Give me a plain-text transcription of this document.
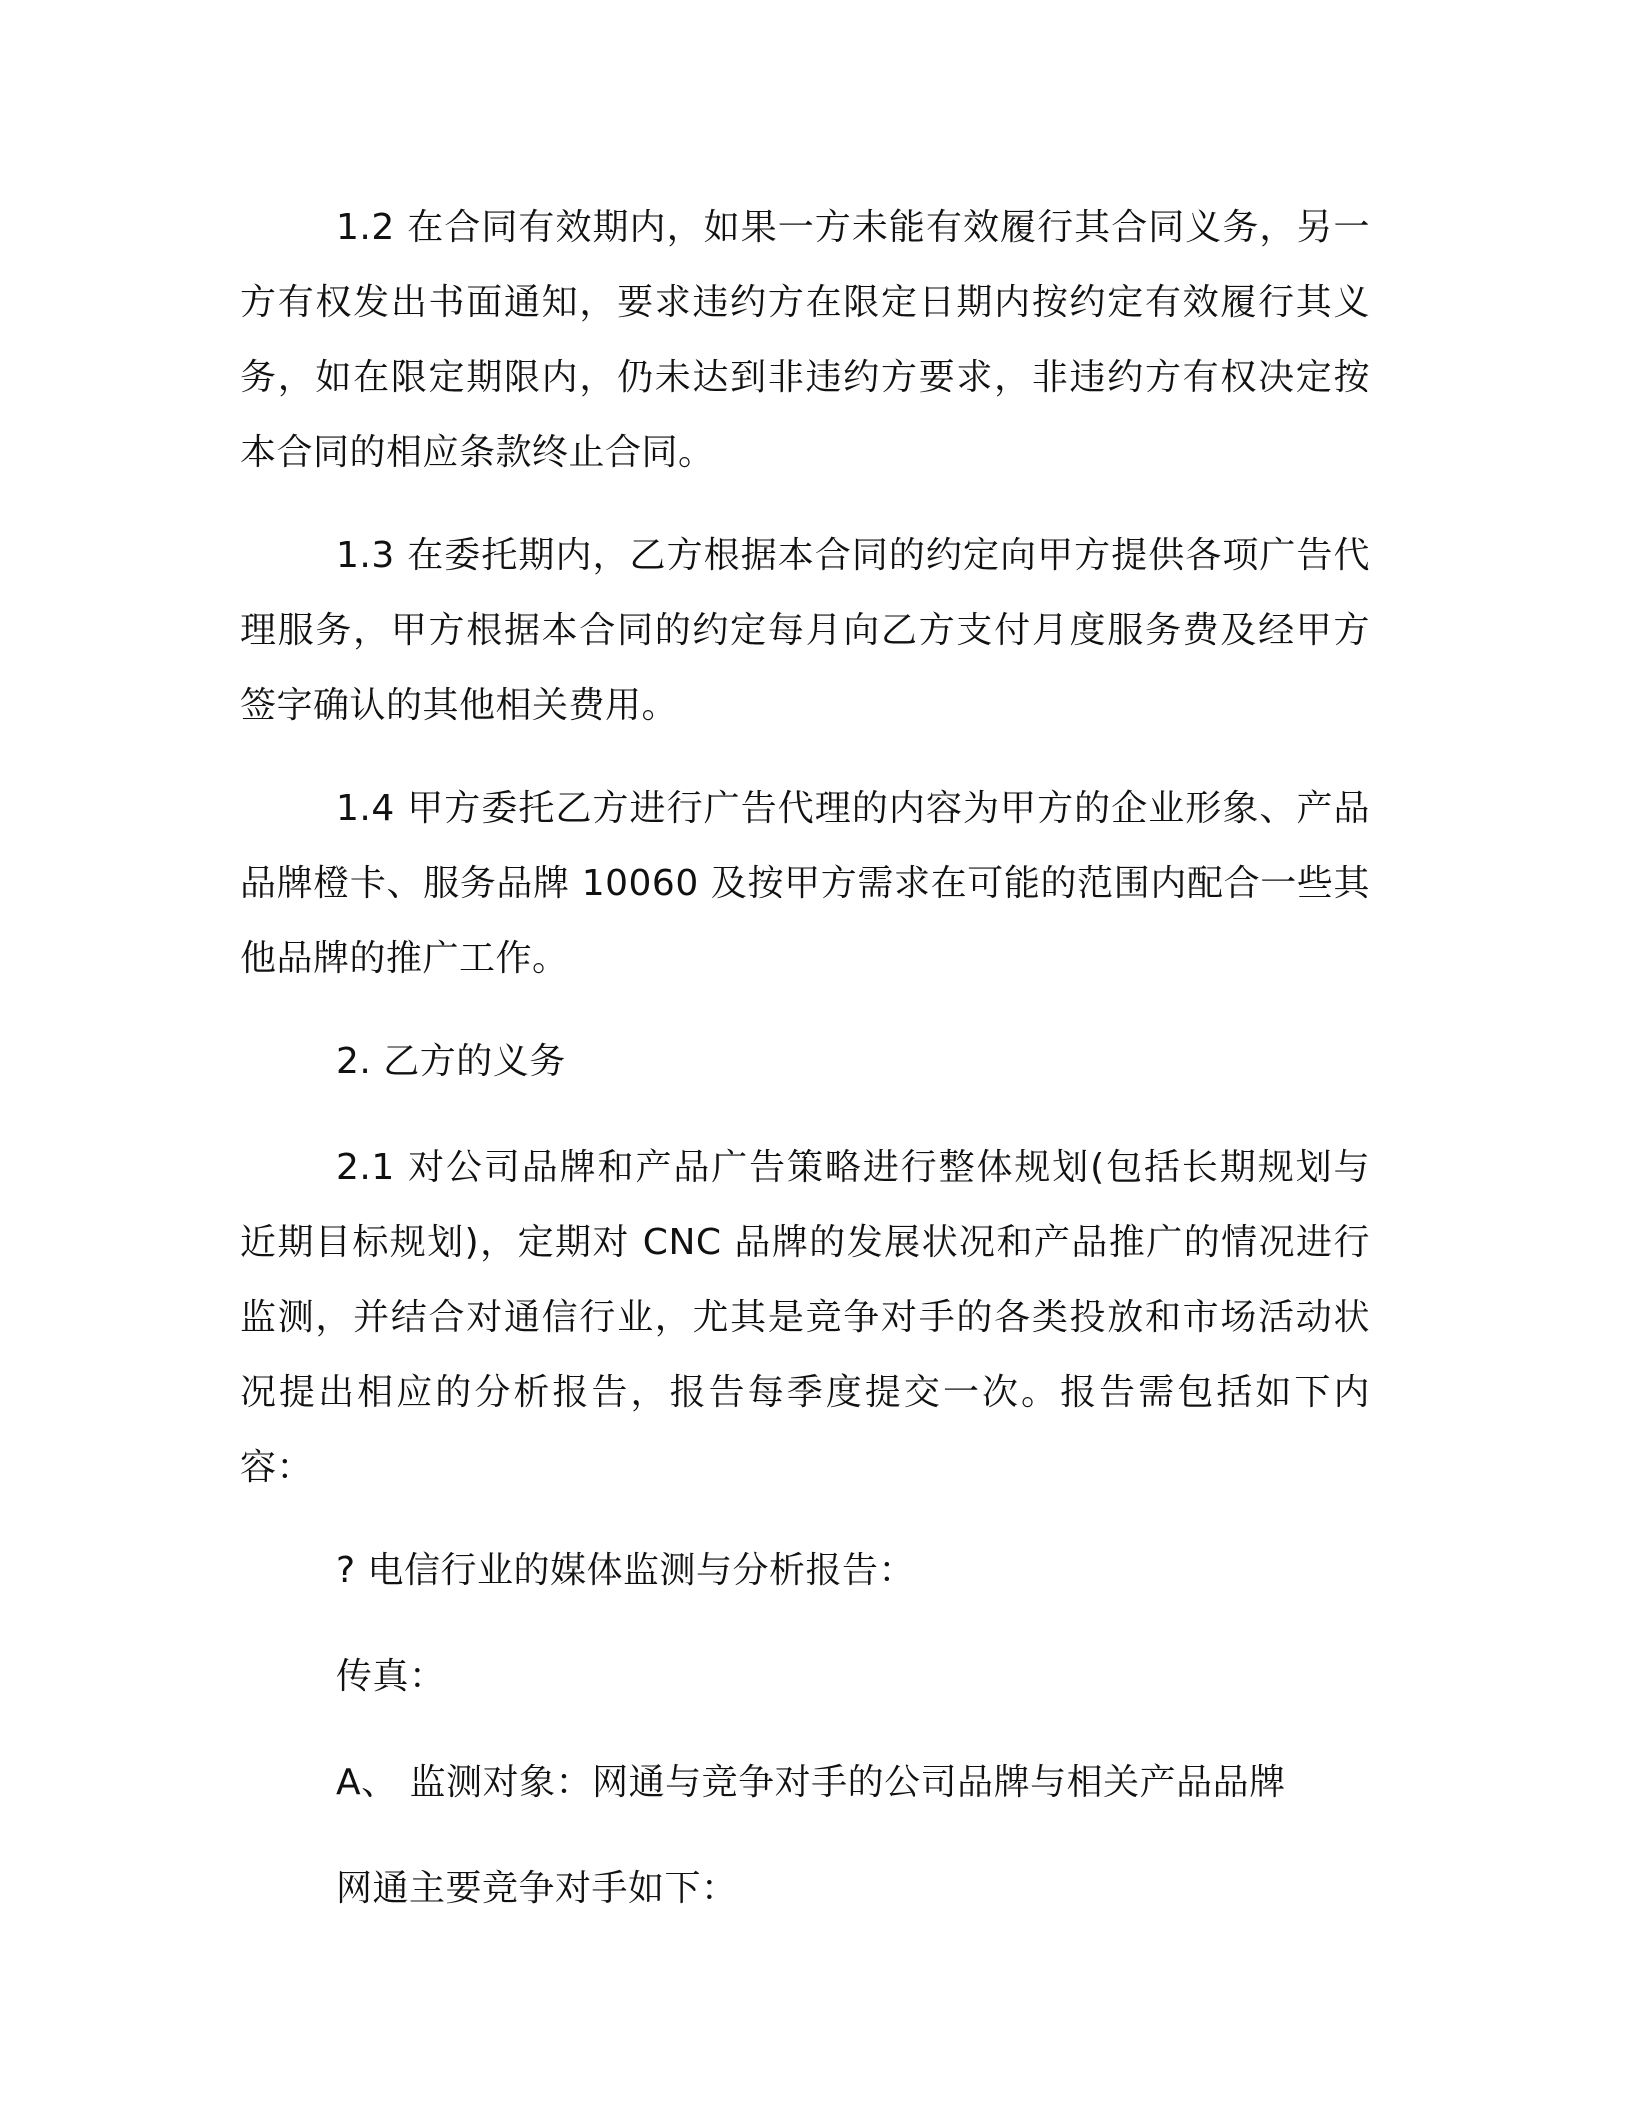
1.2 在合同有效期内，如果一方未能有效履行其合同义务，另一方有权发出书面通知，要求违约方在限定日期内按约定有效履行其义务，如在限定期限内，仍未达到非违约方要求，非违约方有权决定按本合同的相应条款终止合同。

1.3 在委托期内，乙方根据本合同的约定向甲方提供各项广告代理服务，甲方根据本合同的约定每月向乙方支付月度服务费及经甲方签字确认的其他相关费用。

1.4 甲方委托乙方进行广告代理的内容为甲方的企业形象、产品品牌橙卡、服务品牌 10060 及按甲方需求在可能的范围内配合一些其他品牌的推广工作。

2. 乙方的义务

2.1 对公司品牌和产品广告策略进行整体规划(包括长期规划与近期目标规划)，定期对 CNC 品牌的发展状况和产品推广的情况进行监测，并结合对通信行业，尤其是竞争对手的各类投放和市场活动状况提出相应的分析报告，报告每季度提交一次。报告需包括如下内容：

? 电信行业的媒体监测与分析报告：

传真：

A、 监测对象：网通与竞争对手的公司品牌与相关产品品牌

网通主要竞争对手如下：
